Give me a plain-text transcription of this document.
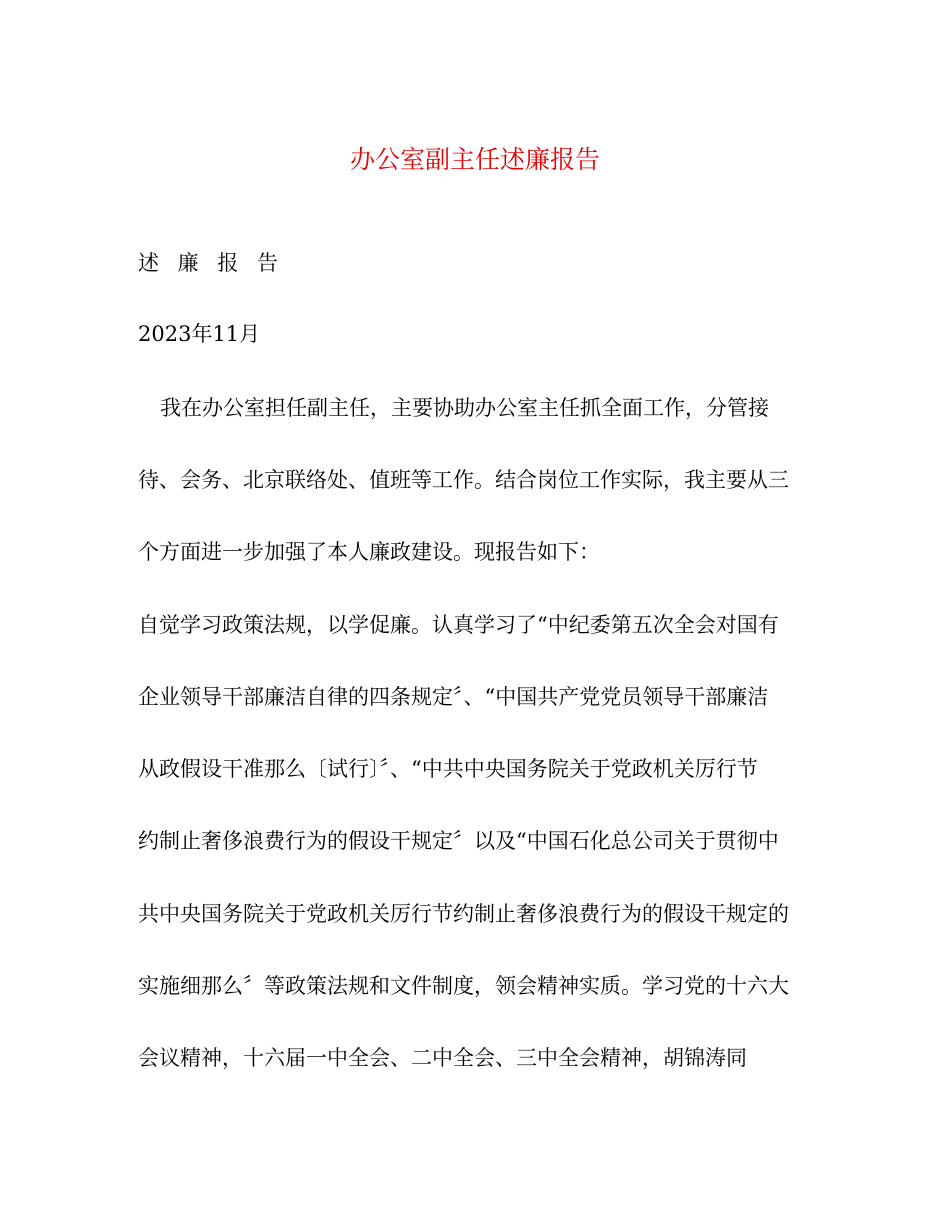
办公室副主任述廉报告
述 廉 报 告
2023年11月
我在办公室担任副主任，主要协助办公室主任抓全面工作，分管接
待、会务、北京联络处、值班等工作。结合岗位工作实际，我主要从三
个方面进一步加强了本人廉政建设。现报告如下：
自觉学习政策法规，以学促廉。认真学习了“中纪委第五次全会对国有
企业领导干部廉洁自律的四条规定〞、“中国共产党党员领导干部廉洁
从政假设干准那么〔试行〕〞、“中共中央国务院关于党政机关厉行节
约制止奢侈浪费行为的假设干规定〞以及“中国石化总公司关于贯彻中
共中央国务院关于党政机关厉行节约制止奢侈浪费行为的假设干规定的
实施细那么〞等政策法规和文件制度，领会精神实质。学习党的十六大
会议精神，十六届一中全会、二中全会、三中全会精神，胡锦涛同
